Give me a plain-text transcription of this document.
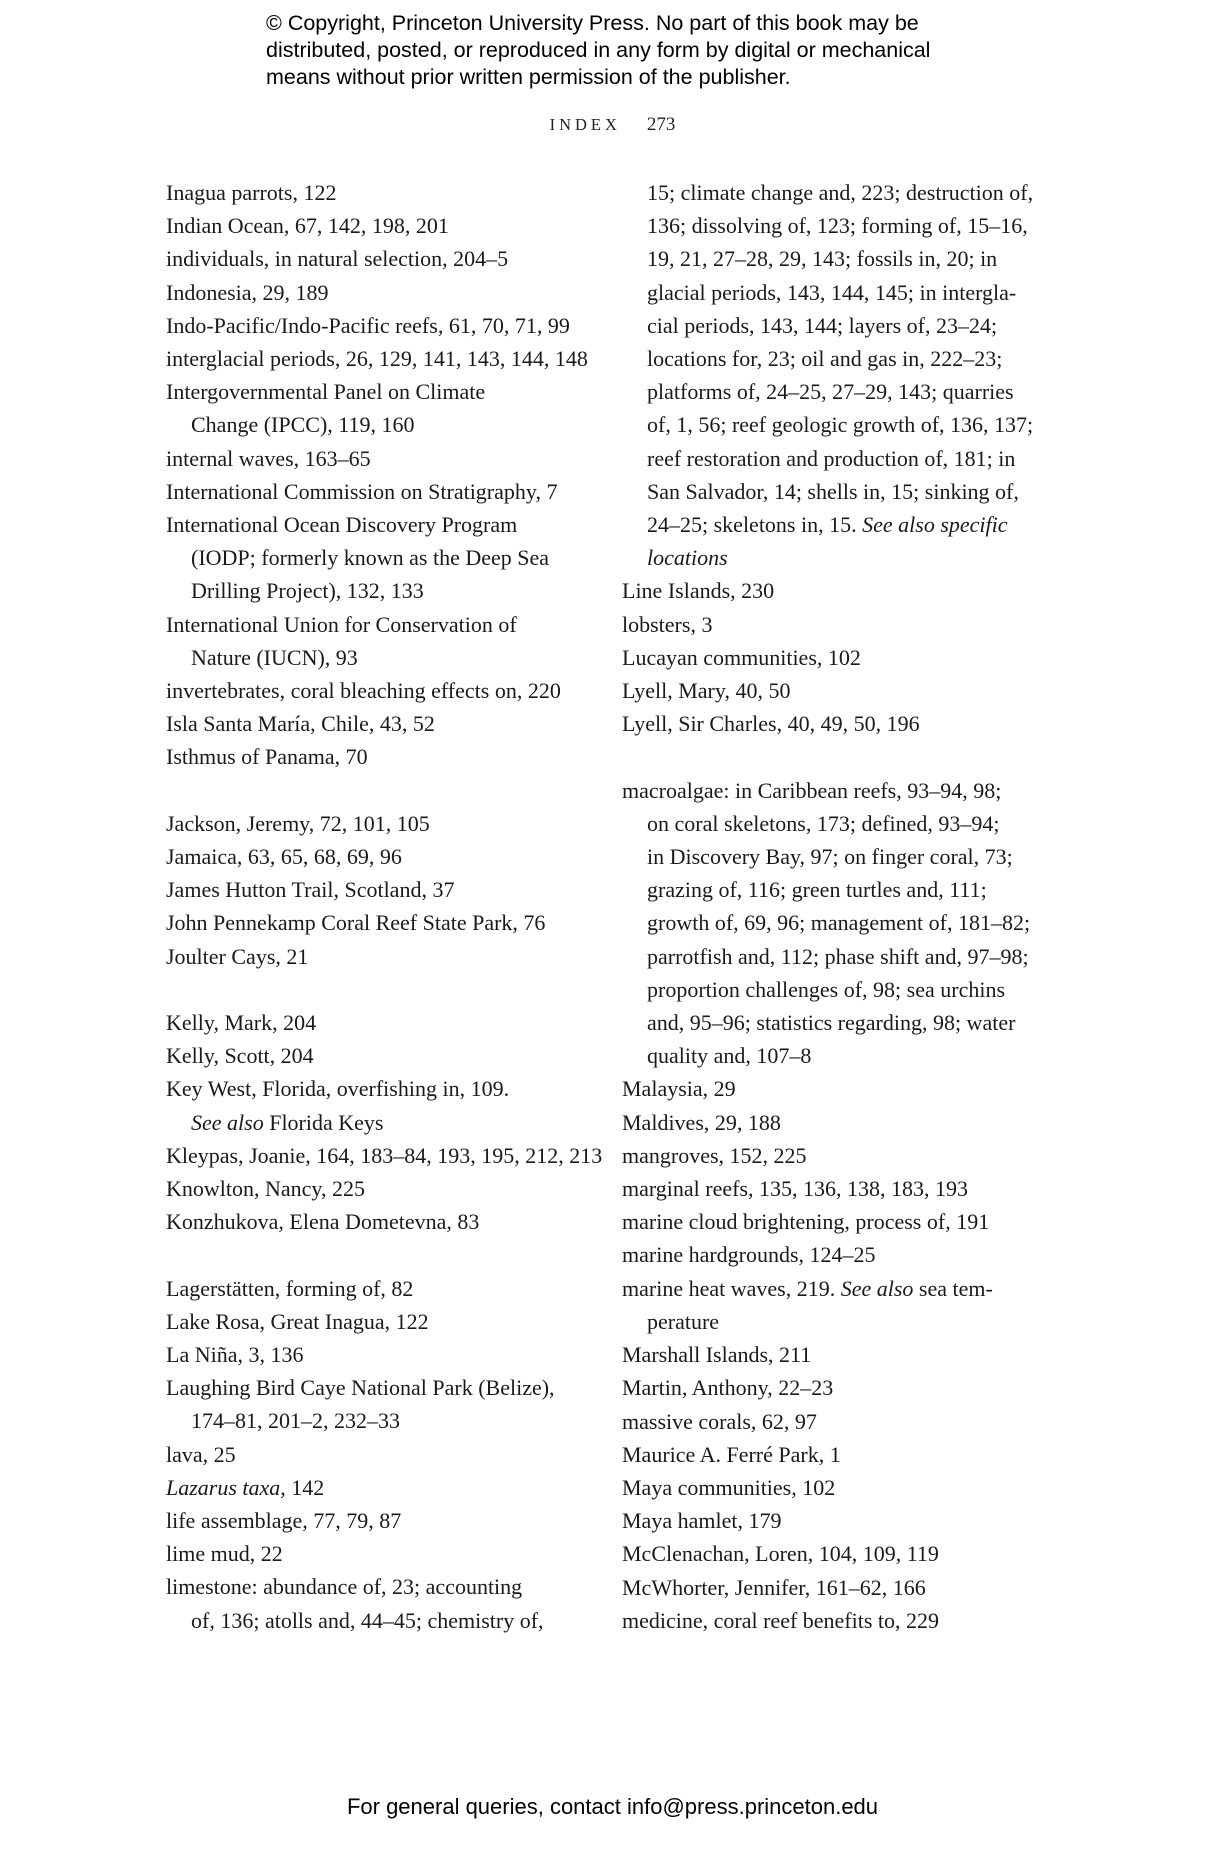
© Copyright, Princeton University Press. No part of this book may be
distributed, posted, or reproduced in any form by digital or mechanical
means without prior written permission of the publisher.
INDEX 273
Inagua parrots, 122
Indian Ocean, 67, 142, 198, 201
individuals, in natural selection, 204–5
Indonesia, 29, 189
Indo-Pacific/Indo-Pacific reefs, 61, 70, 71, 99
interglacial periods, 26, 129, 141, 143, 144, 148
Intergovernmental Panel on Climate
Change (IPCC), 119, 160
internal waves, 163–65
International Commission on Stratigraphy, 7
International Ocean Discovery Program
(IODP; formerly known as the Deep Sea
Drilling Project), 132, 133
International Union for Conservation of
Nature (IUCN), 93
invertebrates, coral bleaching effects on, 220
Isla Santa María, Chile, 43, 52
Isthmus of Panama, 70
Jackson, Jeremy, 72, 101, 105
Jamaica, 63, 65, 68, 69, 96
James Hutton Trail, Scotland, 37
John Pennekamp Coral Reef State Park, 76
Joulter Cays, 21
Kelly, Mark, 204
Kelly, Scott, 204
Key West, Florida, overfishing in, 109.
See also Florida Keys
Kleypas, Joanie, 164, 183–84, 193, 195, 212, 213
Knowlton, Nancy, 225
Konzhukova, Elena Dometevna, 83
Lagerstätten, forming of, 82
Lake Rosa, Great Inagua, 122
La Niña, 3, 136
Laughing Bird Caye National Park (Belize),
174–81, 201–2, 232–33
lava, 25
Lazarus taxa, 142
life assemblage, 77, 79, 87
lime mud, 22
limestone: abundance of, 23; accounting
of, 136; atolls and, 44–45; chemistry of,
15; climate change and, 223; destruction of,
136; dissolving of, 123; forming of, 15–16,
19, 21, 27–28, 29, 143; fossils in, 20; in
glacial periods, 143, 144, 145; in intergla-
cial periods, 143, 144; layers of, 23–24;
locations for, 23; oil and gas in, 222–23;
platforms of, 24–25, 27–29, 143; quarries
of, 1, 56; reef geologic growth of, 136, 137;
reef restoration and production of, 181; in
San Salvador, 14; shells in, 15; sinking of,
24–25; skeletons in, 15. See also specific
locations
Line Islands, 230
lobsters, 3
Lucayan communities, 102
Lyell, Mary, 40, 50
Lyell, Sir Charles, 40, 49, 50, 196
macroalgae: in Caribbean reefs, 93–94, 98;
on coral skeletons, 173; defined, 93–94;
in Discovery Bay, 97; on finger coral, 73;
grazing of, 116; green turtles and, 111;
growth of, 69, 96; management of, 181–82;
parrotfish and, 112; phase shift and, 97–98;
proportion challenges of, 98; sea urchins
and, 95–96; statistics regarding, 98; water
quality and, 107–8
Malaysia, 29
Maldives, 29, 188
mangroves, 152, 225
marginal reefs, 135, 136, 138, 183, 193
marine cloud brightening, process of, 191
marine hardgrounds, 124–25
marine heat waves, 219. See also sea tem-
perature
Marshall Islands, 211
Martin, Anthony, 22–23
massive corals, 62, 97
Maurice A. Ferré Park, 1
Maya communities, 102
Maya hamlet, 179
McClenachan, Loren, 104, 109, 119
McWhorter, Jennifer, 161–62, 166
medicine, coral reef benefits to, 229
For general queries, contact info@press.princeton.edu
